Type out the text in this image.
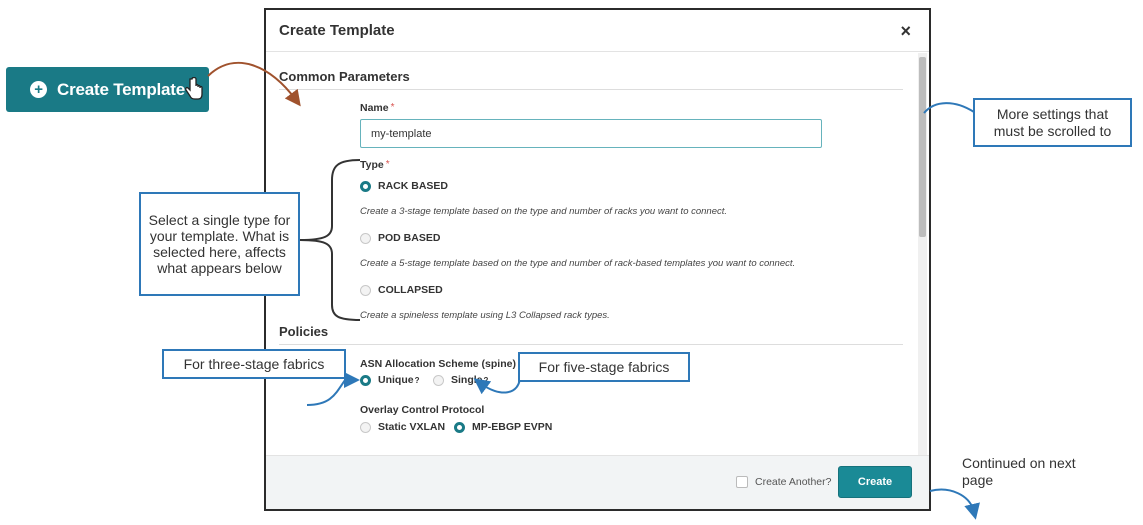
+ Create Template
Create Template	×
Common Parameters
Name *
my-template
Type *
RACK BASED
Create a 3-stage template based on the type and number of racks you want to connect.
POD BASED
Create a 5-stage template based on the type and number of rack-based templates you want to connect.
COLLAPSED
Create a spineless template using L3 Collapsed rack types.
Policies
ASN Allocation Scheme (spine)
Unique ?	Single ?
Overlay Control Protocol
Static VXLAN	MP-EBGP EVPN
Create Another?	Create
More settings that must be scrolled to
Select a single type for your template. What is selected here, affects what appears below
For three-stage fabrics	For five-stage fabrics
Continued on next page
